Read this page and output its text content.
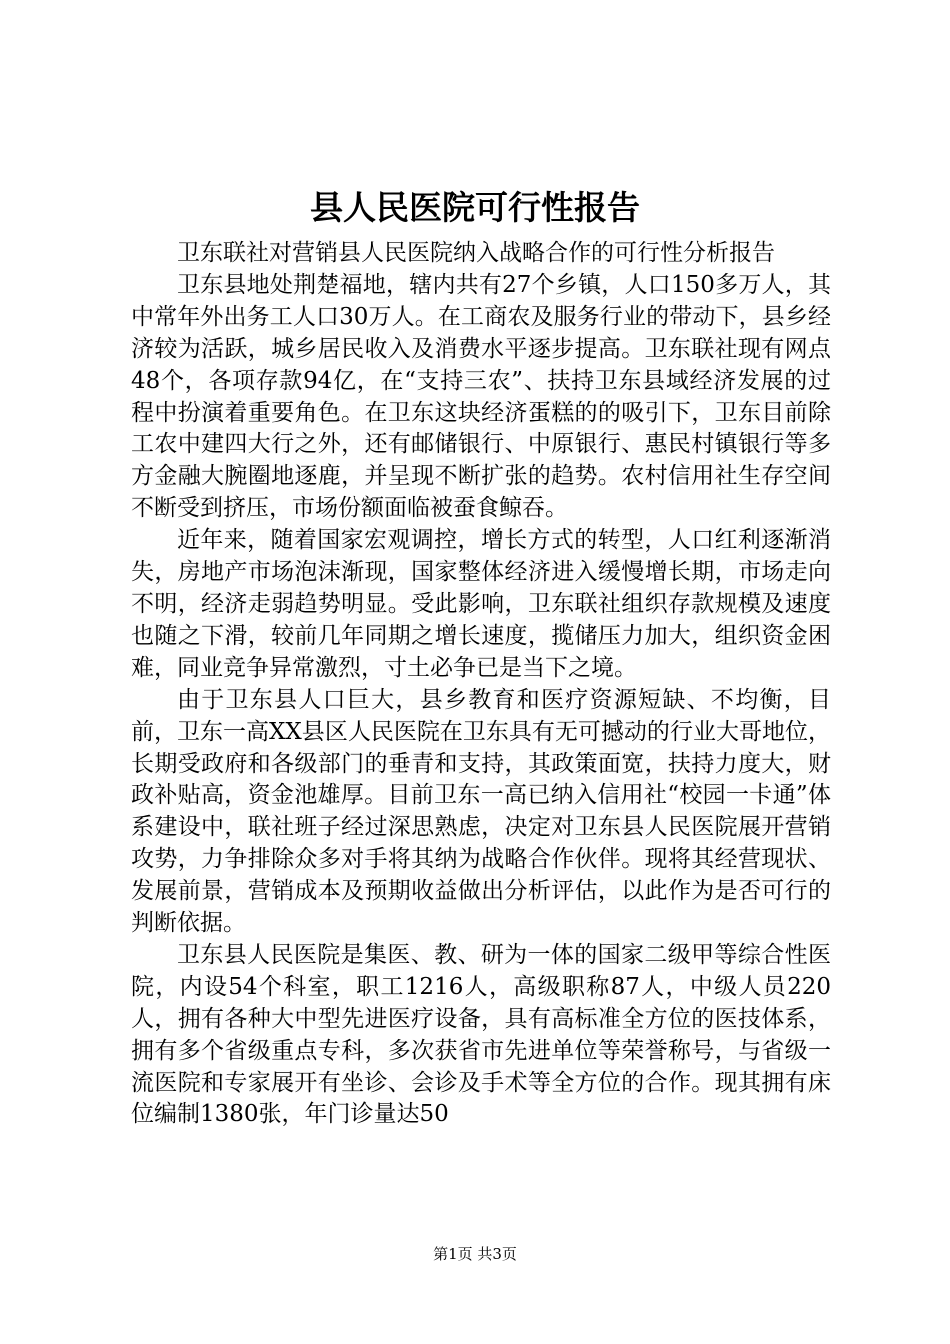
县人民医院可行性报告

卫东联社对营销县人民医院纳入战略合作的可行性分析报告

卫东县地处荆楚福地，辖内共有27个乡镇，人口150多万人，其中常年外出务工人口30万人。在工商农及服务行业的带动下，县乡经济较为活跃，城乡居民收入及消费水平逐步提高。卫东联社现有网点48个，各项存款94亿，在“支持三农”、扶持卫东县域经济发展的过程中扮演着重要角色。在卫东这块经济蛋糕的的吸引下，卫东目前除工农中建四大行之外，还有邮储银行、中原银行、惠民村镇银行等多方金融大腕圈地逐鹿，并呈现不断扩张的趋势。农村信用社生存空间不断受到挤压，市场份额面临被蚕食鲸吞。

近年来，随着国家宏观调控，增长方式的转型，人口红利逐渐消失，房地产市场泡沫渐现，国家整体经济进入缓慢增长期，市场走向不明，经济走弱趋势明显。受此影响，卫东联社组织存款规模及速度也随之下滑，较前几年同期之增长速度，揽储压力加大，组织资金困难，同业竞争异常激烈，寸土必争已是当下之境。

由于卫东县人口巨大，县乡教育和医疗资源短缺、不均衡，目前，卫东一高XX县区人民医院在卫东具有无可撼动的行业大哥地位，长期受政府和各级部门的垂青和支持，其政策面宽，扶持力度大，财政补贴高，资金池雄厚。目前卫东一高已纳入信用社“校园一卡通”体系建设中，联社班子经过深思熟虑，决定对卫东县人民医院展开营销攻势，力争排除众多对手将其纳为战略合作伙伴。现将其经营现状、发展前景，营销成本及预期收益做出分析评估，以此作为是否可行的判断依据。

卫东县人民医院是集医、教、研为一体的国家二级甲等综合性医院，内设54个科室，职工1216人，高级职称87人，中级人员220人，拥有各种大中型先进医疗设备，具有高标准全方位的医技体系，拥有多个省级重点专科，多次获省市先进单位等荣誉称号，与省级一流医院和专家展开有坐诊、会诊及手术等全方位的合作。现其拥有床位编制1380张，年门诊量达50

第1页 共3页
